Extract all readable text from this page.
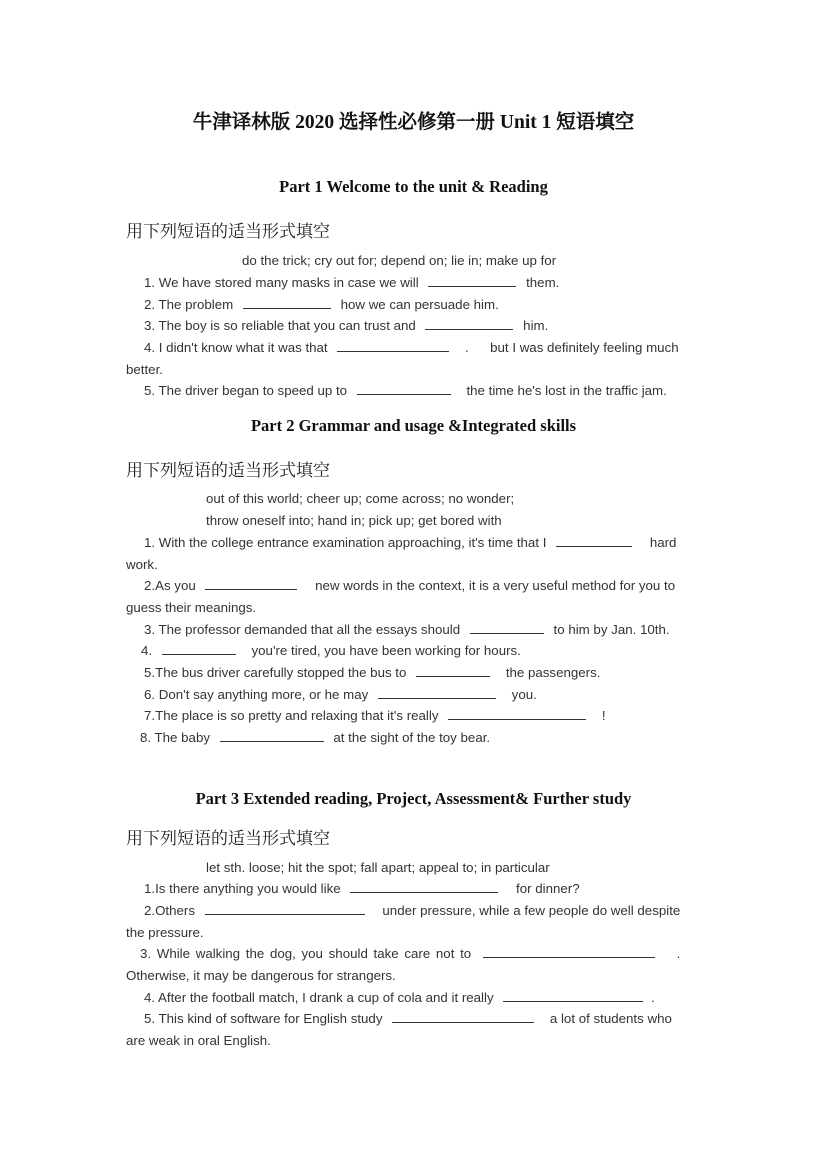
牛津译林版 2020 选择性必修第一册 Unit 1 短语填空
Part 1 Welcome to the unit & Reading
用下列短语的适当形式填空
do the trick; cry out for; depend on; lie in; make up for
1. We have stored many masks in case we will	them.
2. The problem	how we can persuade him.
3. The boy is so reliable that you can trust and	him.
4. I didn't know what it was that	. but I was definitely feeling much
better.
5. The driver began to speed up to	the time he's lost in the traffic jam.
Part 2 Grammar and usage &Integrated skills
用下列短语的适当形式填空
out of this world; cheer up; come across; no wonder;
throw oneself into; hand in; pick up; get bored with
1. With the college entrance examination approaching, it's time that I	hard
work.
2.As you	new words in the context, it is a very useful method for you to
guess their meanings.
3. The professor demanded that all the essays should	to him by Jan. 10th.
4.	you're tired, you have been working for hours.
5.The bus driver carefully stopped the bus to	the passengers.
6. Don't say anything more, or he may	you.
7.The place is so pretty and relaxing that it's really	!
8. The baby	at the sight of the toy bear.
Part 3 Extended reading, Project, Assessment& Further study
用下列短语的适当形式填空
let sth. loose; hit the spot; fall apart; appeal to; in particular
1.Is there anything you would like	for dinner?
2.Others	under pressure, while a few people do well despite
the pressure.
3. While walking the dog, you should take care not to	.
Otherwise, it may be dangerous for strangers.
4. After the football match, I drank a cup of cola and it really	.
5. This kind of software for English study	a lot of students who
are weak in oral English.
